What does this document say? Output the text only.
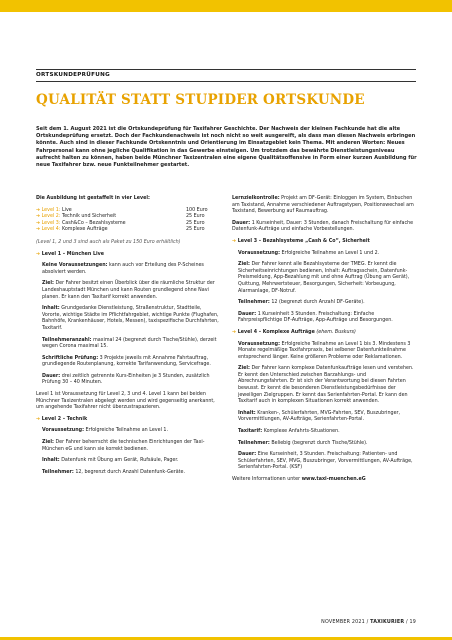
ORTSKUNDEPRÜFUNG
QUALITÄT STATT STUPIDER ORTSKUNDE
Seit dem 1. August 2021 ist die Ortskundeprüfung für Taxifahrer Geschichte. Der Nachweis der kleinen Fachkunde hat die alte Ortskundeprüfung ersetzt. Doch der Fachkundenachweis ist noch nicht so weit ausgereift, als dass man diesen Nachweis erbringen könnte. Auch sind in dieser Fachkunde Ortskenntnis und Orientierung im Einsatzgebiet kein Thema. Mit anderen Worten: Neues Fahrpersonal kann ohne jegliche Qualifikation in das Gewerbe einsteigen. Um trotzdem das bewährte Dienstleistungsniveau aufrecht halten zu können, haben beide Münchner Taxizentralen eine eigene Qualitätsoffensive in Form einer kurzen Ausbildung für neue Taxifahrer bzw. neue Funkteilnehmer gestartet.

Die Ausbildung ist gestaffelt in vier Level:

➔ Level 1: Live	100 Euro
➔ Level 2: Technik und Sicherheit	25 Euro
➔ Level 3: Cash&Co – Bezahlsysteme	25 Euro
➔ Level 4: Komplexe Aufträge	25 Euro

(Level 1, 2 und 3 sind auch als Paket zu 150 Euro erhältlich)

➔ Level 1 – München Live

Keine Voraussetzungen: kann auch vor Erteilung des P-Scheines absolviert werden.

Ziel: Der Fahrer besitzt einen Überblick über die räumliche Struktur der Landeshauptstadt München und kann Routen grundlegend ohne Navi planen. Er kann den Taxitarif korrekt anwenden.

Inhalt: Grundgedanke Dienstleistung, Straßenstruktur, Stadtteile, Vororte, wichtige Städte im Pflichtfahrgebiet, wichtige Punkte (Flughafen, Bahnhöfe, Krankenhäuser, Hotels, Messen), taxispezifische Durchfahrten, Taxitarif.

Teilnehmeranzahl: maximal 24 (begrenzt durch Tische/Stühle), derzeit wegen Corona maximal 15.

Schriftliche Prüfung: 3 Projekte jeweils mit Annahme Fahrtauftrag, grundlegende Routenplanung, korrekte Tarifanwendung, Servicefrage.

Dauer: drei zeitlich getrennte Kurs-Einheiten je 3 Stunden, zusätzlich Prüfung 30 – 40 Minuten.

Level 1 ist Voraussetzung für Level 2, 3 und 4. Level 1 kann bei beiden Münchner Taxizentralen abgelegt werden und wird gegenseitig anerkannt, um angehende Taxifahrer nicht überzustrapazieren.

➔ Level 2 – Technik

Voraussetzung: Erfolgreiche Teilnahme an Level 1.

Ziel: Der Fahrer beherrscht die technischen Einrichtungen der Taxi-München eG und kann sie korrekt bedienen.

Inhalt: Datenfunk mit Übung am Gerät, Rufsäule, Pager.

Teilnehmer: 12, begrenzt durch Anzahl Datenfunk-Geräte.

Lernzielkontrolle: Projekt am DF-Gerät: Einloggen im System, Einbuchen am Taxistand, Annahme verschiedener Auftragstypen, Positionswechsel am Taxistand, Bewerbung auf Raumauftrag.

Dauer: 1 Kurseinheit, Dauer: 3 Stunden, danach Freischaltung für einfache Datenfunk-Aufträge und einfache Vorbestellungen.

➔ Level 3 – Bezahlsysteme „Cash & Co“, Sicherheit

Voraussetzung: Erfolgreiche Teilnahme an Level 1 und 2.

Ziel: Der Fahrer kennt alle Bezahlsysteme der TMEG. Er kennt die Sicherheitseinrichtungen bedienen, Inhalt: Auftragsschein, Datenfunk-Preismeldung, App-Bezahlung mit und ohne Auftrag (Übung am Gerät), Quittung, Mehrwertsteuer, Besorgungen, Sicherheit: Vorbeugung, Alarmanlage, DF-Notruf.

Teilnehmer: 12 (begrenzt durch Anzahl DF-Geräte).

Dauer: 1 Kurseinheit 3 Stunden. Freischaltung: Einfache Fahrpreispflichtige DF-Aufträge, App-Aufträge und Besorgungen.

➔ Level 4 – Komplexe Aufträge (ehem. Buskurs)

Voraussetzung: Erfolgreiche Teilnahme an Level 1 bis 3. Mindestens 3 Monate regelmäßige Taxifahrpraxis, bei selbener Datenfunkteilnahme entsprechend länger. Keine größeren Probleme oder Reklamationen.

Ziel: Der Fahrer kann komplexe Datenfunkaufträge lesen und verstehen. Er kennt den Unterschied zwischen Barzahlungs- und Abrechnungsfahrten. Er ist sich der Verantwortung bei diesen Fahrten bewusst. Er kennt die besonderen Dienstleistungsbedürfnisse der jeweiligen Zielgruppen. Er kennt das Serienfahrten-Portal. Er kann den Taxitarif auch in komplexen Situationen korrekt anwenden.

Inhalt: Kranken-, Schülerfahrten, MVG-Fahrten, SEV, Buszubringer, Vorvermittlungen, AV-Aufträge, Serienfahrten-Portal.

Taxitarif: Komplexe Anfahrts-Situationen.

Teilnehmer: Beliebig (begrenzt durch Tische/Stühle).

Dauer: Eine Kurseinheit, 3 Stunden. Freischaltung: Patienten- und Schülerfahrten, SEV, MVG, Buszubringer, Vorvermittlungen, AV-Aufträge, Serienfahrten-Portal. (KSF)

Weitere Informationen unter www.taxi-muenchen.eG

NOVEMBER 2021 / TAXIKURIER / 19
